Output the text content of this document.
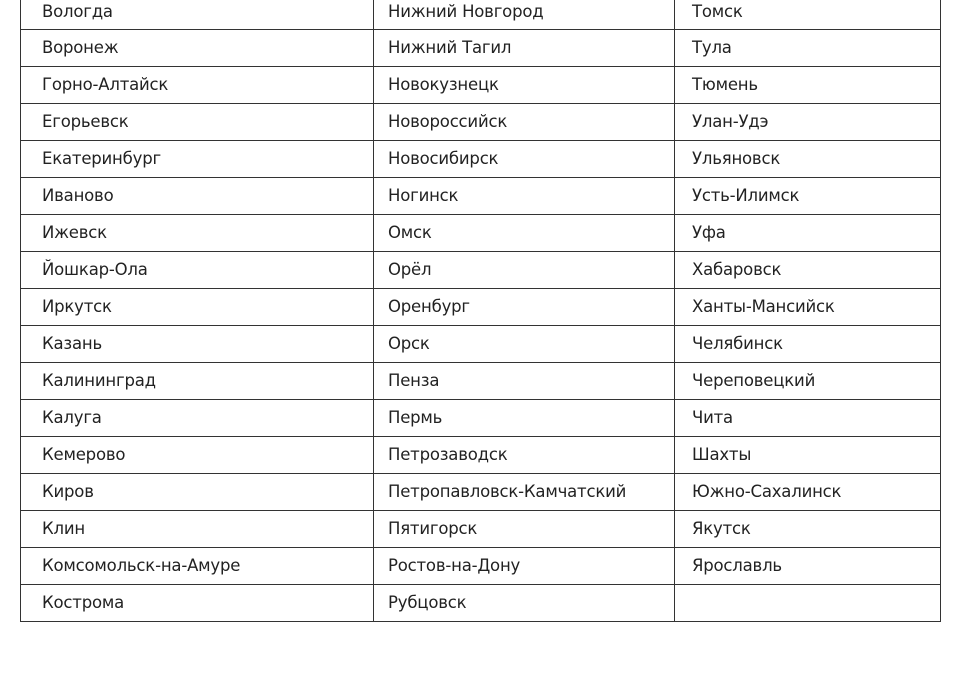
Вологда	Нижний Новгород	Томск
Воронеж	Нижний Тагил	Тула
Горно-Алтайск	Новокузнецк	Тюмень
Егорьевск	Новороссийск	Улан-Удэ
Екатеринбург	Новосибирск	Ульяновск
Иваново	Ногинск	Усть-Илимск
Ижевск	Омск	Уфа
Йошкар-Ола	Орёл	Хабаровск
Иркутск	Оренбург	Ханты-Мансийск
Казань	Орск	Челябинск
Калининград	Пенза	Череповецкий
Калуга	Пермь	Чита
Кемерово	Петрозаводск	Шахты
Киров	Петропавловск-Камчатский	Южно-Сахалинск
Клин	Пятигорск	Якутск
Комсомольск-на-Амуре	Ростов-на-Дону	Ярославль
Кострома	Рубцовск	
